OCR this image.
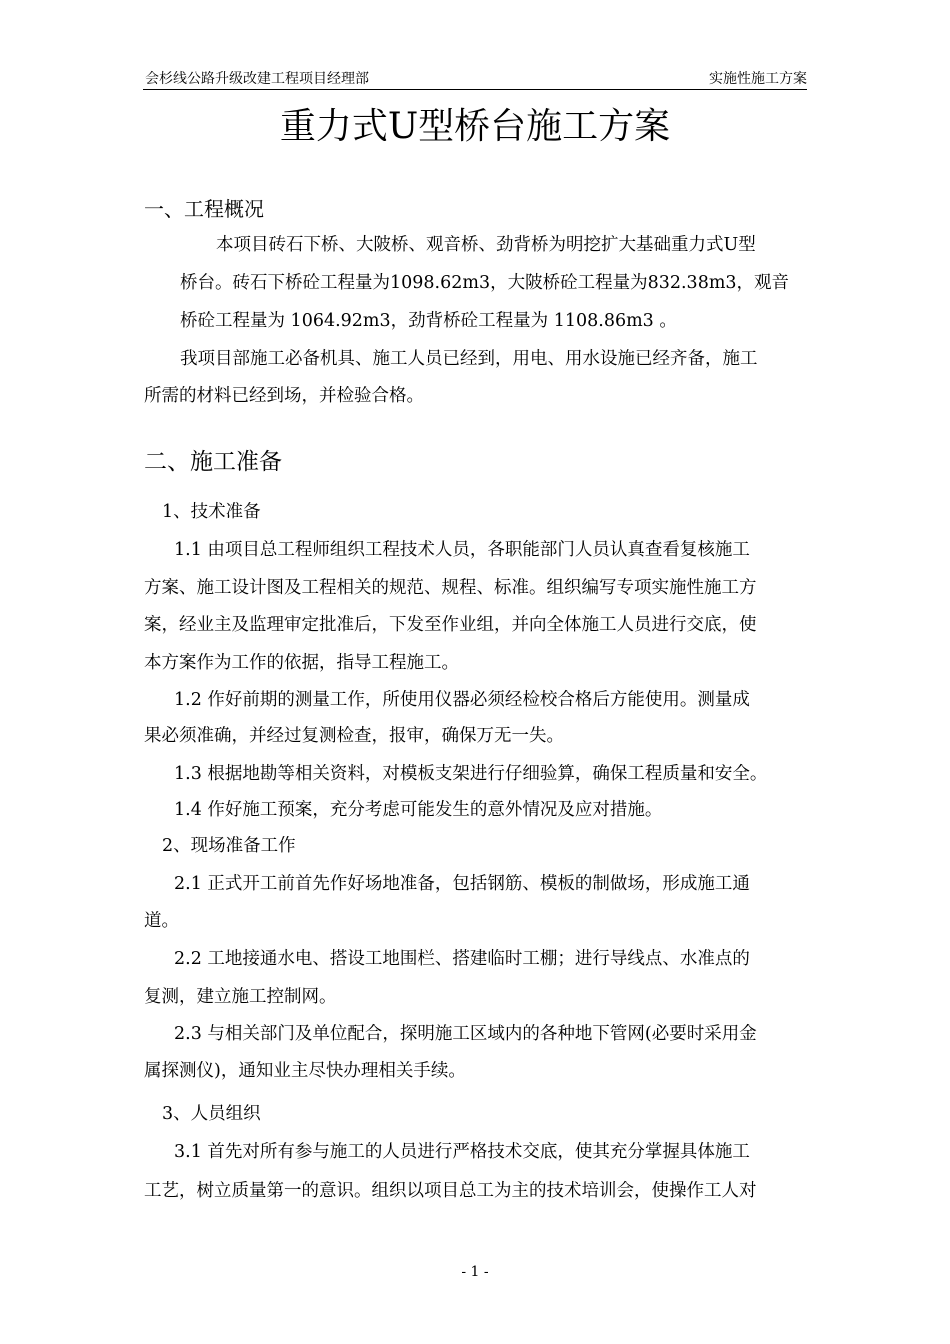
会杉线公路升级改建工程项目经理部	实施性施工方案
重力式U型桥台施工方案
一、工程概况
本项目砖石下桥、大陂桥、观音桥、劲背桥为明挖扩大基础重力式U型
桥台。砖石下桥砼工程量为1098.62m3，大陂桥砼工程量为832.38m3，观音
桥砼工程量为 1064.92m3，劲背桥砼工程量为 1108.86m3 。
我项目部施工必备机具、施工人员已经到，用电、用水设施已经齐备，施工
所需的材料已经到场，并检验合格。
二、施工准备
1、技术准备
1.1 由项目总工程师组织工程技术人员，各职能部门人员认真查看复核施工
方案、施工设计图及工程相关的规范、规程、标准。组织编写专项实施性施工方
案，经业主及监理审定批准后，下发至作业组，并向全体施工人员进行交底，使
本方案作为工作的依据，指导工程施工。
1.2 作好前期的测量工作，所使用仪器必须经检校合格后方能使用。测量成
果必须准确，并经过复测检查，报审，确保万无一失。
1.3 根据地勘等相关资料，对模板支架进行仔细验算，确保工程质量和安全。
1.4 作好施工预案，充分考虑可能发生的意外情况及应对措施。
2、现场准备工作
2.1 正式开工前首先作好场地准备，包括钢筋、模板的制做场，形成施工通
道。
2.2 工地接通水电、搭设工地围栏、搭建临时工棚；进行导线点、水准点的
复测，建立施工控制网。
2.3 与相关部门及单位配合，探明施工区域内的各种地下管网(必要时采用金
属探测仪)，通知业主尽快办理相关手续。
3、人员组织
3.1 首先对所有参与施工的人员进行严格技术交底，使其充分掌握具体施工
工艺，树立质量第一的意识。组织以项目总工为主的技术培训会，使操作工人对
- 1 -
